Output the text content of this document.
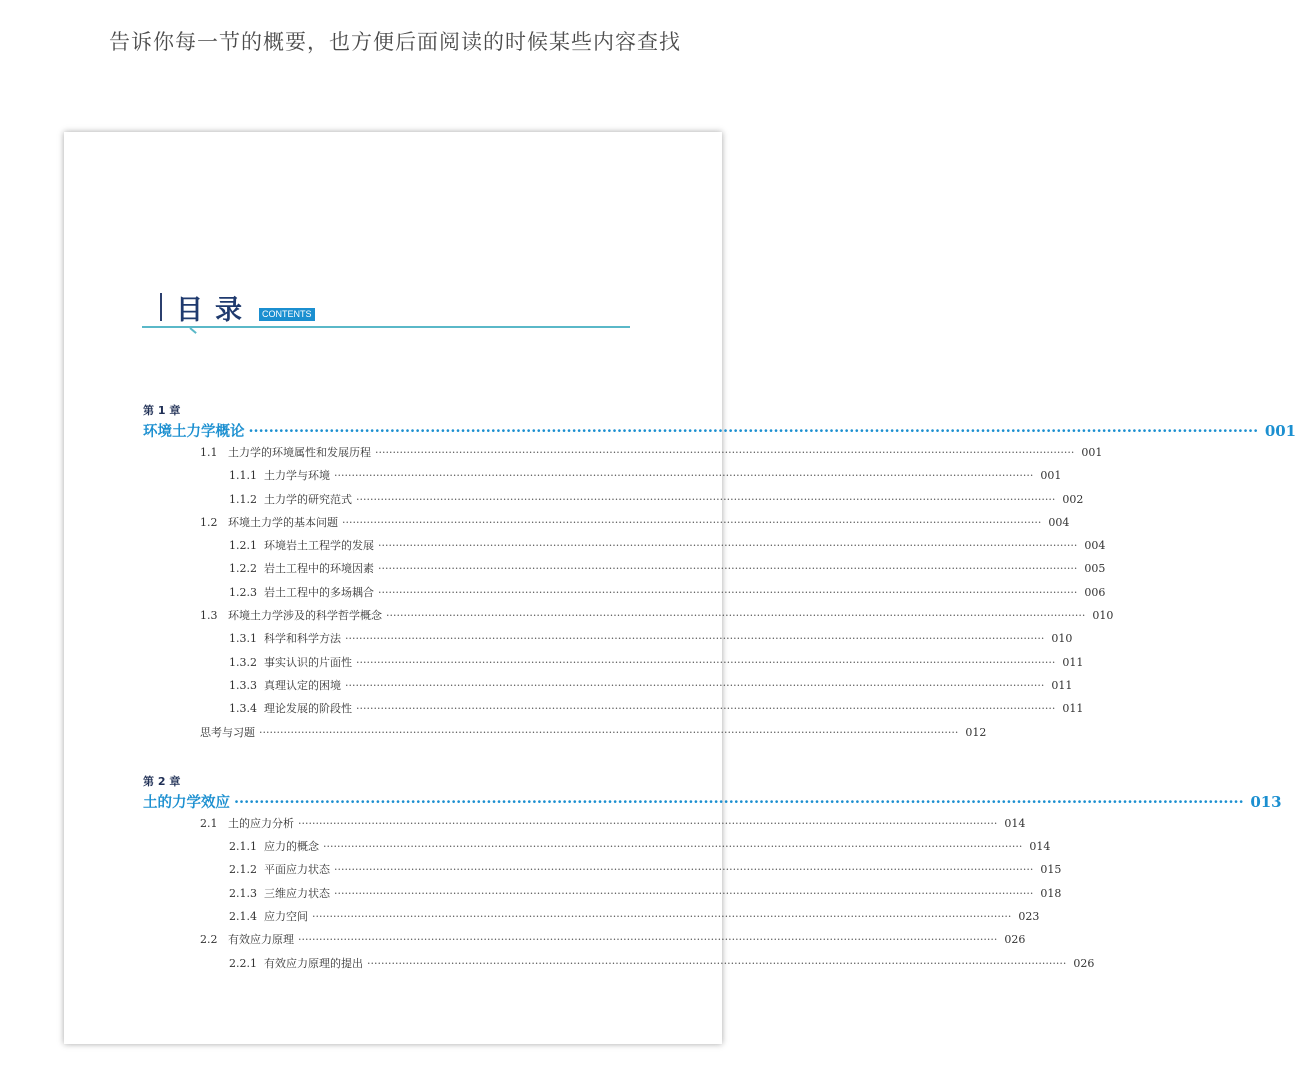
告诉你每一节的概要，也方便后面阅读的时候某些内容查找
目录 CONTENTS
第 1 章
环境土力学概论 ········································································································································································································ 001
1.1 土力学的环境属性和发展历程 ········································································································································································································ 001
1.1.1 土力学与环境 ········································································································································································································ 001
1.1.2 土力学的研究范式 ········································································································································································································ 002
1.2 环境土力学的基本问题 ········································································································································································································ 004
1.2.1 环境岩土工程学的发展 ········································································································································································································ 004
1.2.2 岩土工程中的环境因素 ········································································································································································································ 005
1.2.3 岩土工程中的多场耦合 ········································································································································································································ 006
1.3 环境土力学涉及的科学哲学概念 ········································································································································································································ 010
1.3.1 科学和科学方法 ········································································································································································································ 010
1.3.2 事实认识的片面性 ········································································································································································································ 011
1.3.3 真理认定的困境 ········································································································································································································ 011
1.3.4 理论发展的阶段性 ········································································································································································································ 011
思考与习题 ········································································································································································································ 012
第 2 章
土的力学效应 ········································································································································································································ 013
2.1 土的应力分析 ········································································································································································································ 014
2.1.1 应力的概念 ········································································································································································································ 014
2.1.2 平面应力状态 ········································································································································································································ 015
2.1.3 三维应力状态 ········································································································································································································ 018
2.1.4 应力空间 ········································································································································································································ 023
2.2 有效应力原理 ········································································································································································································ 026
2.2.1 有效应力原理的提出 ········································································································································································································ 026
